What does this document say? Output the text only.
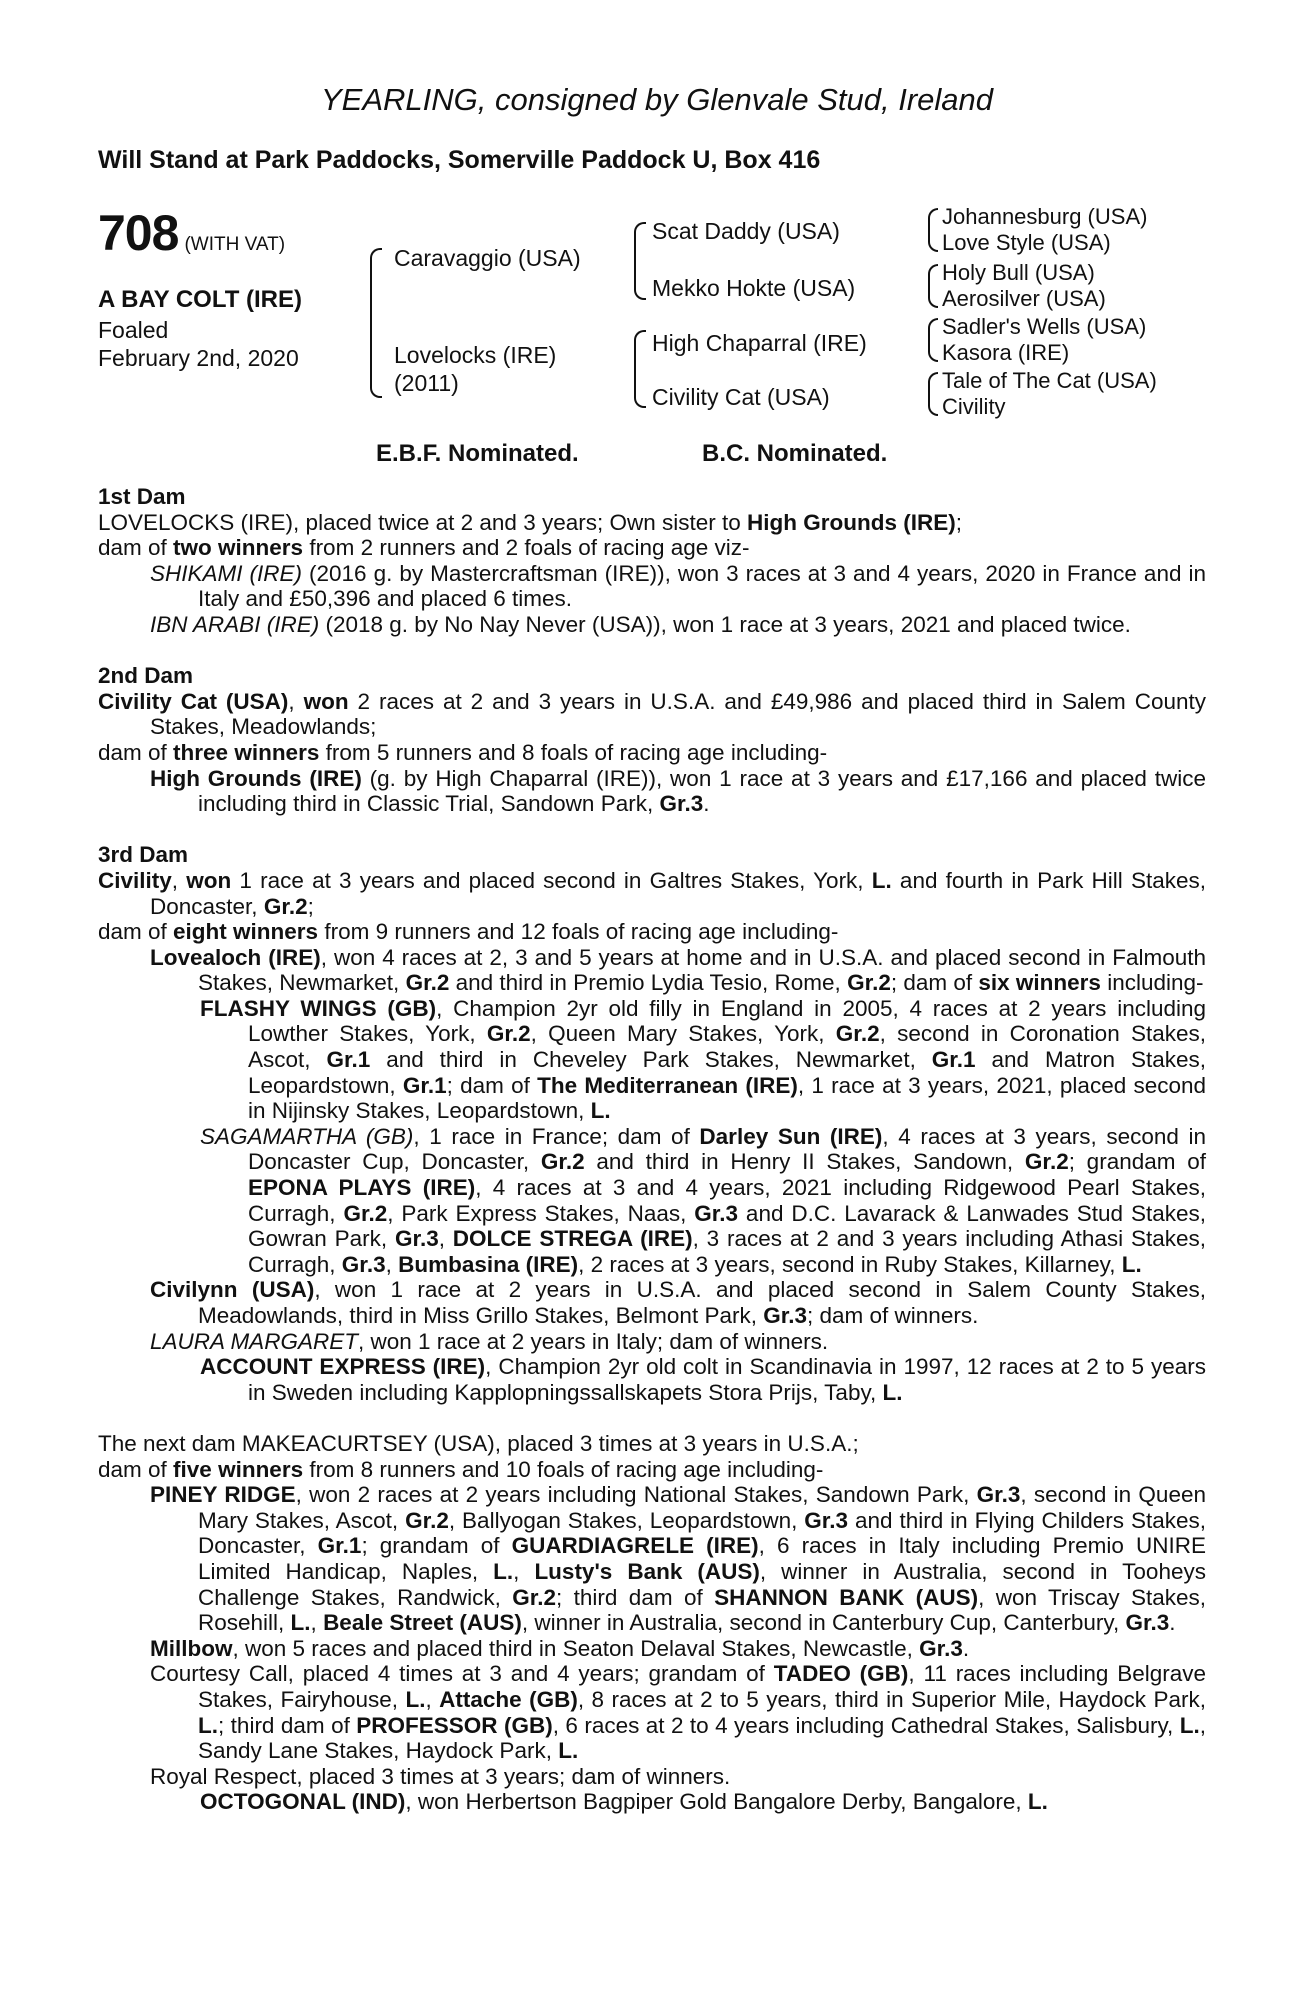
YEARLING, consigned by Glenvale Stud, Ireland
Will Stand at Park Paddocks, Somerville Paddock U, Box 416
708 (WITH VAT)
A BAY COLT (IRE)
Foaled
February 2nd, 2020
Caravaggio (USA)
Lovelocks (IRE)
(2011)
Scat Daddy (USA)
Mekko Hokte (USA)
High Chaparral (IRE)
Civility Cat (USA)
Johannesburg (USA)
Love Style (USA)
Holy Bull (USA)
Aerosilver (USA)
Sadler's Wells (USA)
Kasora (IRE)
Tale of The Cat (USA)
Civility
E.B.F. Nominated.	B.C. Nominated.

1st Dam

LOVELOCKS (IRE), placed twice at 2 and 3 years; Own sister to High Grounds (IRE);

dam of two winners from 2 runners and 2 foals of racing age viz-

SHIKAMI (IRE) (2016 g. by Mastercraftsman (IRE)), won 3 races at 3 and 4 years, 2020 in France and in Italy and £50,396 and placed 6 times.

IBN ARABI (IRE) (2018 g. by No Nay Never (USA)), won 1 race at 3 years, 2021 and placed twice.

2nd Dam

Civility Cat (USA), won 2 races at 2 and 3 years in U.S.A. and £49,986 and placed third in Salem County Stakes, Meadowlands;

dam of three winners from 5 runners and 8 foals of racing age including-

High Grounds (IRE) (g. by High Chaparral (IRE)), won 1 race at 3 years and £17,166 and placed twice including third in Classic Trial, Sandown Park, Gr.3.

3rd Dam

Civility, won 1 race at 3 years and placed second in Galtres Stakes, York, L. and fourth in Park Hill Stakes, Doncaster, Gr.2;

dam of eight winners from 9 runners and 12 foals of racing age including-

Lovealoch (IRE), won 4 races at 2, 3 and 5 years at home and in U.S.A. and placed second in Falmouth Stakes, Newmarket, Gr.2 and third in Premio Lydia Tesio, Rome, Gr.2; dam of six winners including-

FLASHY WINGS (GB), Champion 2yr old filly in England in 2005, 4 races at 2 years including Lowther Stakes, York, Gr.2, Queen Mary Stakes, York, Gr.2, second in Coronation Stakes, Ascot, Gr.1 and third in Cheveley Park Stakes, Newmarket, Gr.1 and Matron Stakes, Leopardstown, Gr.1; dam of The Mediterranean (IRE), 1 race at 3 years, 2021, placed second in Nijinsky Stakes, Leopardstown, L.

SAGAMARTHA (GB), 1 race in France; dam of Darley Sun (IRE), 4 races at 3 years, second in Doncaster Cup, Doncaster, Gr.2 and third in Henry II Stakes, Sandown, Gr.2; grandam of EPONA PLAYS (IRE), 4 races at 3 and 4 years, 2021 including Ridgewood Pearl Stakes, Curragh, Gr.2, Park Express Stakes, Naas, Gr.3 and D.C. Lavarack & Lanwades Stud Stakes, Gowran Park, Gr.3, DOLCE STREGA (IRE), 3 races at 2 and 3 years including Athasi Stakes, Curragh, Gr.3, Bumbasina (IRE), 2 races at 3 years, second in Ruby Stakes, Killarney, L.

Civilynn (USA), won 1 race at 2 years in U.S.A. and placed second in Salem County Stakes, Meadowlands, third in Miss Grillo Stakes, Belmont Park, Gr.3; dam of winners.

LAURA MARGARET, won 1 race at 2 years in Italy; dam of winners.

ACCOUNT EXPRESS (IRE), Champion 2yr old colt in Scandinavia in 1997, 12 races at 2 to 5 years in Sweden including Kapplopningssallskapets Stora Prijs, Taby, L.

The next dam MAKEACURTSEY (USA), placed 3 times at 3 years in U.S.A.;

dam of five winners from 8 runners and 10 foals of racing age including-

PINEY RIDGE, won 2 races at 2 years including National Stakes, Sandown Park, Gr.3, second in Queen Mary Stakes, Ascot, Gr.2, Ballyogan Stakes, Leopardstown, Gr.3 and third in Flying Childers Stakes, Doncaster, Gr.1; grandam of GUARDIAGRELE (IRE), 6 races in Italy including Premio UNIRE Limited Handicap, Naples, L., Lusty's Bank (AUS), winner in Australia, second in Tooheys Challenge Stakes, Randwick, Gr.2; third dam of SHANNON BANK (AUS), won Triscay Stakes, Rosehill, L., Beale Street (AUS), winner in Australia, second in Canterbury Cup, Canterbury, Gr.3.

Millbow, won 5 races and placed third in Seaton Delaval Stakes, Newcastle, Gr.3.

Courtesy Call, placed 4 times at 3 and 4 years; grandam of TADEO (GB), 11 races including Belgrave Stakes, Fairyhouse, L., Attache (GB), 8 races at 2 to 5 years, third in Superior Mile, Haydock Park, L.; third dam of PROFESSOR (GB), 6 races at 2 to 4 years including Cathedral Stakes, Salisbury, L., Sandy Lane Stakes, Haydock Park, L.

Royal Respect, placed 3 times at 3 years; dam of winners.

OCTOGONAL (IND), won Herbertson Bagpiper Gold Bangalore Derby, Bangalore, L.
